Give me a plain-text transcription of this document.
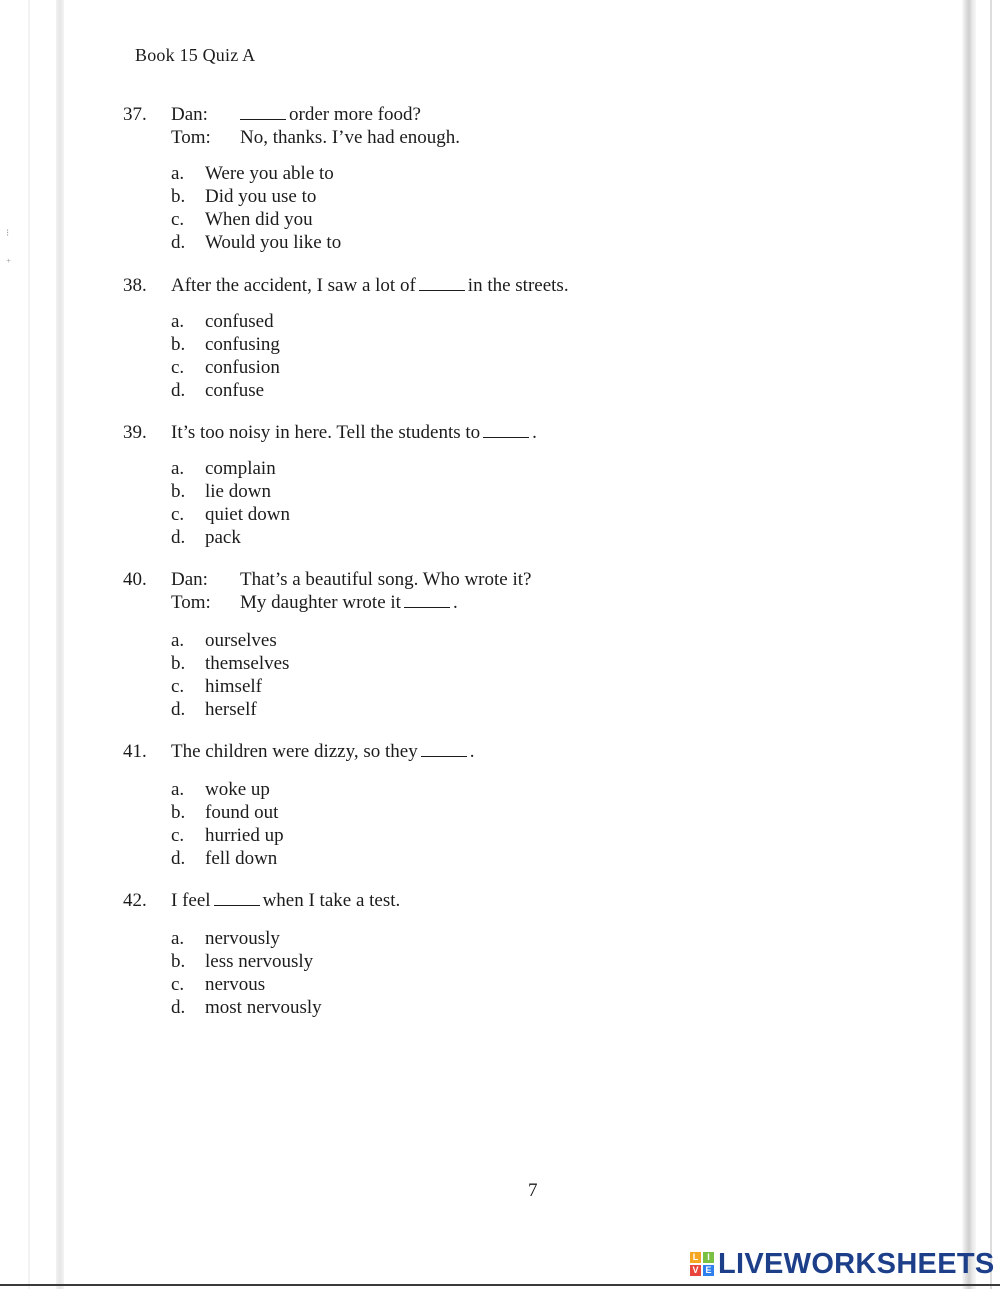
⁝
⁺
Book 15 Quiz A
37. Dan:	order more food?
Tom: No, thanks. I’ve had enough.
a. Were you able to
b. Did you use to
c. When did you
d. Would you like to
38. After the accident, I saw a lot of	in the streets.
a. confused
b. confusing
c. confusion
d. confuse
39. It’s too noisy in here. Tell the students to	.
a. complain
b. lie down
c. quiet down
d. pack
40. Dan: That’s a beautiful song. Who wrote it?
Tom: My daughter wrote it	.
a. ourselves
b. themselves
c. himself
d. herself
41. The children were dizzy, so they	.
a. woke up
b. found out
c. hurried up
d. fell down
42. I feel	when I take a test.
a. nervously
b. less nervously
c. nervous
d. most nervously
7
L I
V E LIVEWORKSHEETS
